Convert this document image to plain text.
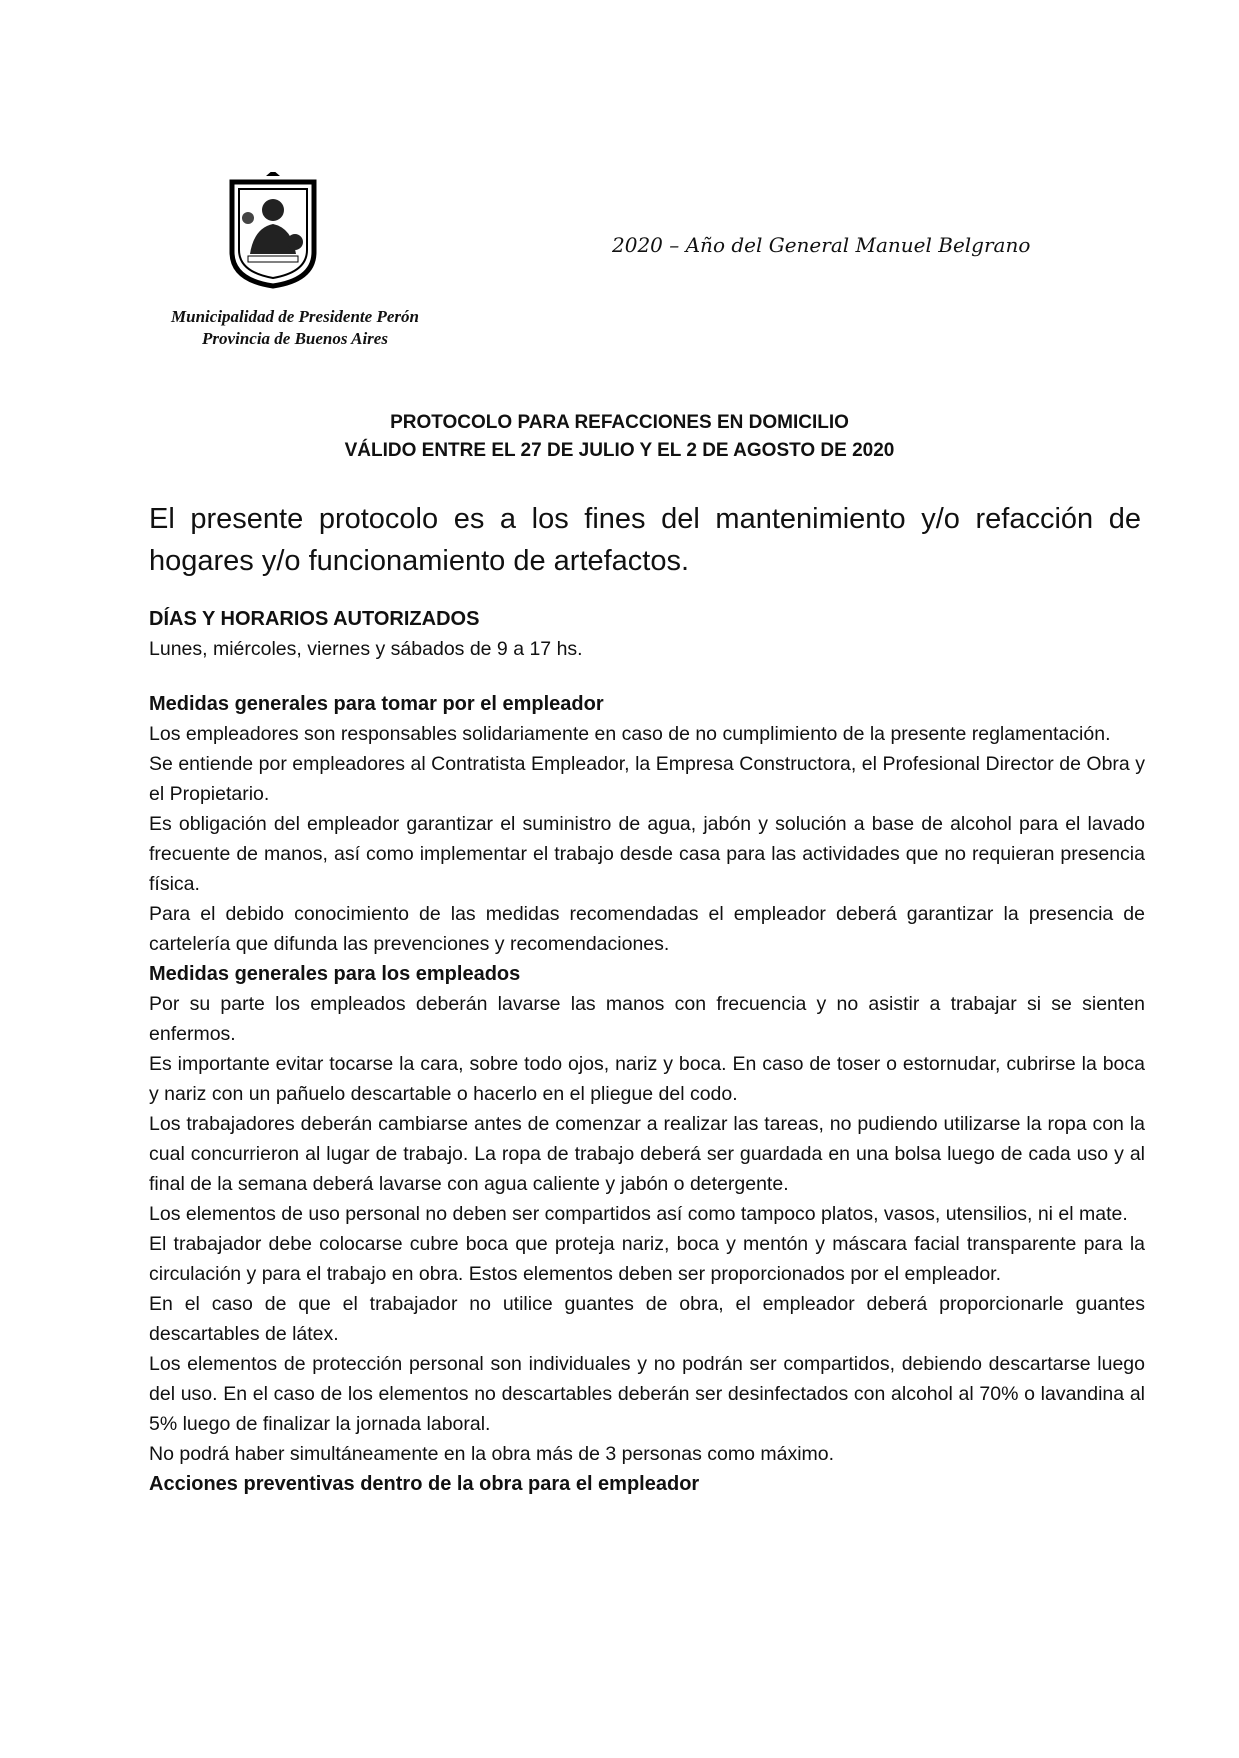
Municipalidad de Presidente Perón
Provincia de Buenos Aires
2020 – Año del General Manuel Belgrano
PROTOCOLO PARA REFACCIONES EN DOMICILIO
VÁLIDO ENTRE EL 27 DE JULIO Y EL 2 DE AGOSTO DE 2020
El presente protocolo es a los fines del mantenimiento y/o refacción de hogares y/o funcionamiento de artefactos.
DÍAS Y HORARIOS AUTORIZADOS

Lunes, miércoles, viernes y sábados de 9 a 17 hs.

Medidas generales para tomar por el empleador

Los empleadores son responsables solidariamente en caso de no cumplimiento de la presente reglamentación.

Se entiende por empleadores al Contratista Empleador, la Empresa Constructora, el Profesional Director de Obra y el Propietario.

Es obligación del empleador garantizar el suministro de agua, jabón y solución a base de alcohol para el lavado frecuente de manos, así como implementar el trabajo desde casa para las actividades que no requieran presencia física.

Para el debido conocimiento de las medidas recomendadas el empleador deberá garantizar la presencia de cartelería que difunda las prevenciones y recomendaciones.

Medidas generales para los empleados

Por su parte los empleados deberán lavarse las manos con frecuencia y no asistir a trabajar si se sienten enfermos.

Es importante evitar tocarse la cara, sobre todo ojos, nariz y boca. En caso de toser o estornudar, cubrirse la boca y nariz con un pañuelo descartable o hacerlo en el pliegue del codo.

Los trabajadores deberán cambiarse antes de comenzar a realizar las tareas, no pudiendo utilizarse la ropa con la cual concurrieron al lugar de trabajo. La ropa de trabajo deberá ser guardada en una bolsa luego de cada uso y al final de la semana deberá lavarse con agua caliente y jabón o detergente.

Los elementos de uso personal no deben ser compartidos así como tampoco platos, vasos, utensilios, ni el mate.

El trabajador debe colocarse cubre boca que proteja nariz, boca y mentón y máscara facial transparente para la circulación y para el trabajo en obra. Estos elementos deben ser proporcionados por el empleador.

En el caso de que el trabajador no utilice guantes de obra, el empleador deberá proporcionarle guantes descartables de látex.

Los elementos de protección personal son individuales y no podrán ser compartidos, debiendo descartarse luego del uso. En el caso de los elementos no descartables deberán ser desinfectados con alcohol al 70% o lavandina al 5% luego de finalizar la jornada laboral.

No podrá haber simultáneamente en la obra más de 3 personas como máximo.

Acciones preventivas dentro de la obra para el empleador
